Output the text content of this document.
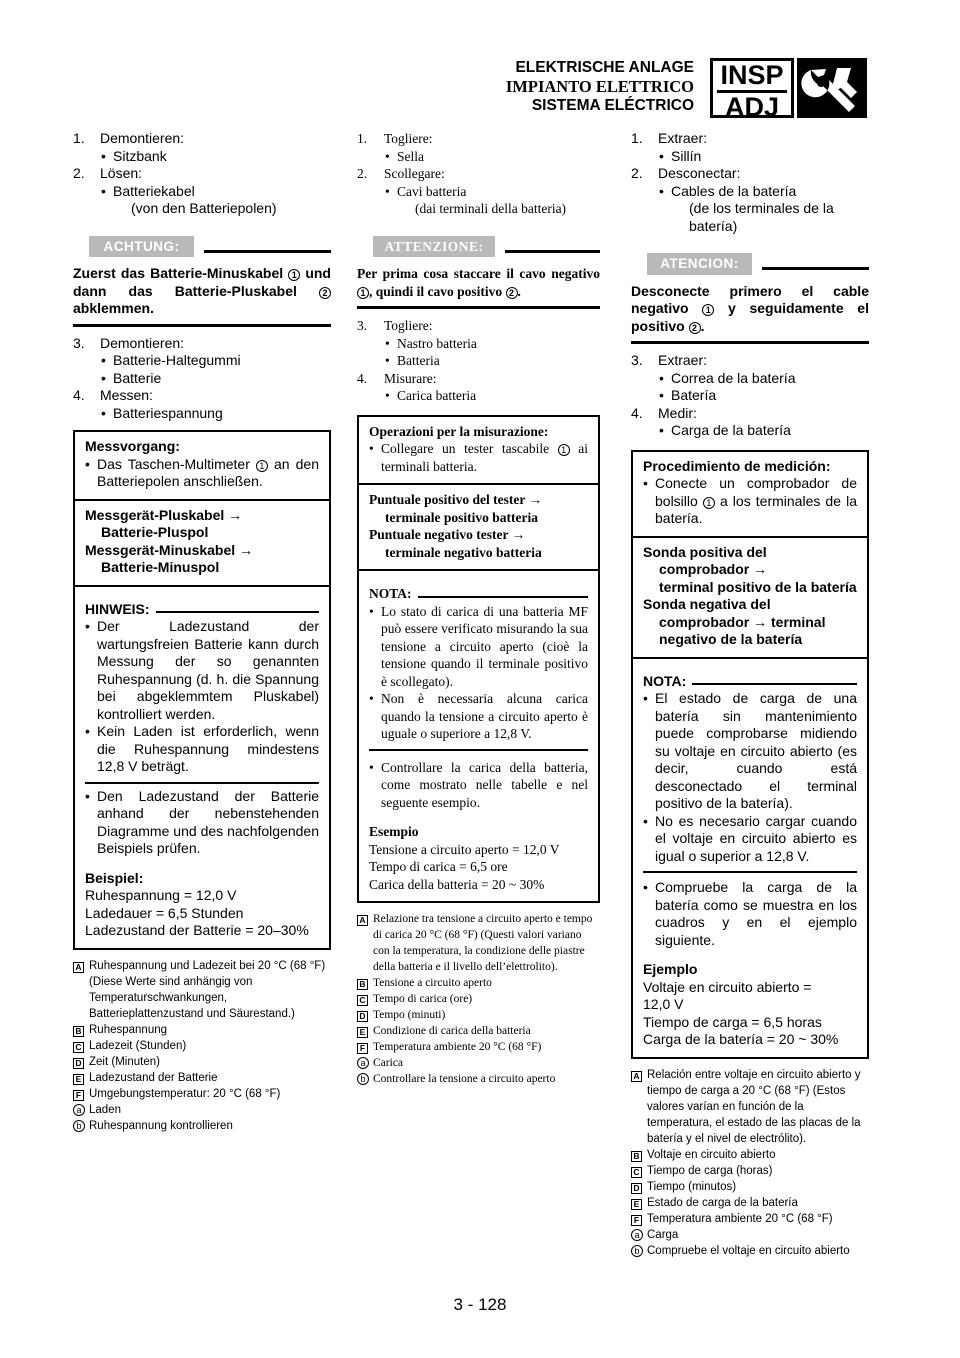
ELEKTRISCHE ANLAGE
IMPIANTO ELETTRICO
SISTEMA ELÉCTRICO
INSP
ADJ
1.	Demontieren:
• Sitzbank
2.	Lösen:
• Batteriekabel
(von den Batteriepolen)
ACHTUNG:
Zuerst das Batterie-Minuskabel 1 und dann das Batterie-Pluskabel 2 abklemmen.
3.	Demontieren:
• Batterie-Haltegummi
• Batterie
4.	Messen:
• Batteriespannung
Messvorgang:
• Das Taschen-Multimeter 1 an den Batteriepolen anschließen.
Messgerät-Pluskabel →
Batterie-Pluspol
Messgerät-Minuskabel →
Batterie-Minuspol
HINWEIS:
• Der Ladezustand der wartungsfreien Batterie kann durch Messung der so genannten Ruhespannung (d. h. die Spannung bei abgeklemmtem Pluskabel) kontrolliert werden.
• Kein Laden ist erforderlich, wenn die Ruhespannung mindestens 12,8 V beträgt.
• Den Ladezustand der Batterie anhand der nebenstehenden Diagramme und des nachfolgenden Beispiels prüfen.
Beispiel:
Ruhespannung = 12,0 V
Ladedauer = 6,5 Stunden
Ladezustand der Batterie = 20–30%
A Ruhespannung und Ladezeit bei 20 °C (68 °F) (Diese Werte sind anhängig von Temperaturschwankungen, Batterieplattenzustand und Säurestand.)
B Ruhespannung
C Ladezeit (Stunden)
D Zeit (Minuten)
E Ladezustand der Batterie
F Umgebungstemperatur: 20 °C (68 °F)
a Laden
b Ruhespannung kontrollieren
1.	Togliere:
• Sella
2.	Scollegare:
• Cavi batteria
(dai terminali della batteria)
ATTENZIONE:
Per prima cosa staccare il cavo negativo 1 , quindi il cavo positivo 2 .
3.	Togliere:
• Nastro batteria
• Batteria
4.	Misurare:
• Carica batteria
Operazioni per la misurazione:
• Collegare un tester tascabile 1 ai terminali batteria.
Puntuale positivo del tester →
terminale positivo batteria
Puntuale negativo tester →
terminale negativo batteria
NOTA:
• Lo stato di carica di una batteria MF può essere verificato misurando la sua tensione a circuito aperto (cioè la tensione quando il terminale positivo è scollegato).
• Non è necessaria alcuna carica quando la tensione a circuito aperto è uguale o superiore a 12,8 V.
• Controllare la carica della batteria, come mostrato nelle tabelle e nel seguente esempio.
Esempio
Tensione a circuito aperto = 12,0 V
Tempo di carica = 6,5 ore
Carica della batteria = 20 ~ 30%
A Relazione tra tensione a circuito aperto e tempo di carica 20 °C (68 °F) (Questi valori variano con la temperatura, la condizione delle piastre della batteria e il livello dell’elettrolito).
B Tensione a circuito aperto
C Tempo di carica (ore)
D Tempo (minuti)
E Condizione di carica della batteria
F Temperatura ambiente 20 °C (68 °F)
a Carica
b Controllare la tensione a circuito aperto
1.	Extraer:
• Sillín
2.	Desconectar:
• Cables de la batería
(de los terminales de la batería)
ATENCION:
Desconecte primero el cable negativo 1 y seguidamente el positivo 2 .
3.	Extraer:
• Correa de la batería
• Batería
4.	Medir:
• Carga de la batería
Procedimiento de medición:
• Conecte un comprobador de bolsillo 1 a los terminales de la batería.
Sonda positiva del
comprobador →
terminal positivo de la batería
Sonda negativa del
comprobador → terminal
negativo de la batería
NOTA:
• El estado de carga de una batería sin mantenimiento puede comprobarse midiendo su voltaje en circuito abierto (es decir, cuando está desconectado el terminal positivo de la batería).
• No es necesario cargar cuando el voltaje en circuito abierto es igual o superior a 12,8 V.
• Compruebe la carga de la batería como se muestra en los cuadros y en el ejemplo siguiente.
Ejemplo
Voltaje en circuito abierto =
12,0 V
Tiempo de carga = 6,5 horas
Carga de la batería = 20 ~ 30%
A Relación entre voltaje en circuito abierto y tiempo de carga a 20 °C (68 °F) (Estos valores varían en función de la temperatura, el estado de las placas de la batería y el nivel de electrólito).
B Voltaje en circuito abierto
C Tiempo de carga (horas)
D Tiempo (minutos)
E Estado de carga de la batería
F Temperatura ambiente 20 °C (68 °F)
a Carga
b Compruebe el voltaje en circuito abierto
3 - 128
